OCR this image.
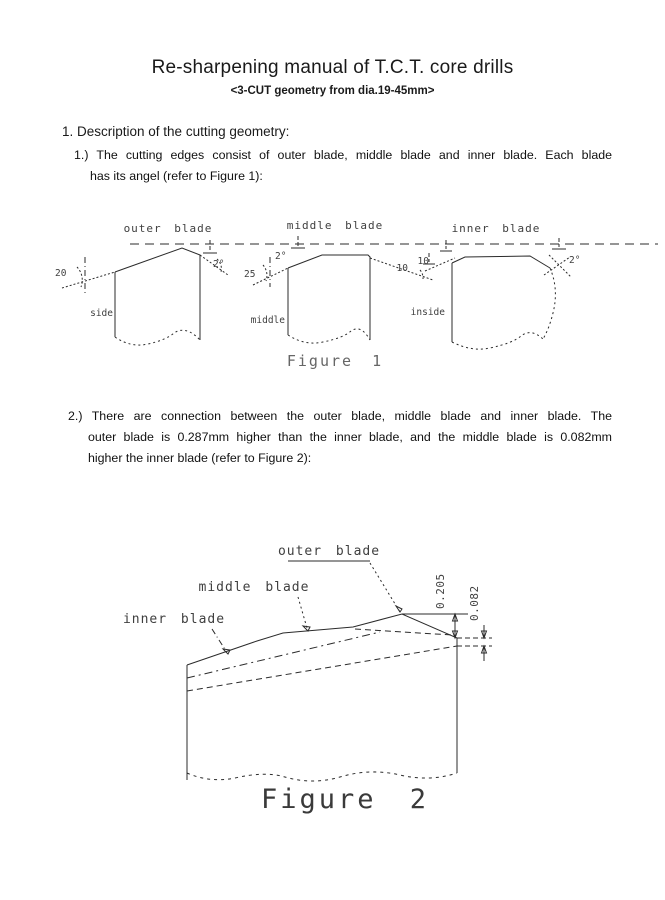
Re-sharpening manual of T.C.T. core drills
<3-CUT geometry from dia.19-45mm>
1. Description of the cutting geometry:
1.) The cutting edges consist of outer blade, middle blade and inner blade. Each blade
has its angel (refer to Figure 1):
outer blade	middle blade	inner blade
20
2°
side
25
2°
10
middle
10	2°
inside
Figure 1
2.) There are connection between the outer blade, middle blade and inner blade. The
outer blade is 0.287mm higher than the inner blade, and the middle blade is 0.082mm
higher the inner blade (refer to Figure 2):
outer blade
middle blade
inner blade
0.205 0.082
Figure 2
